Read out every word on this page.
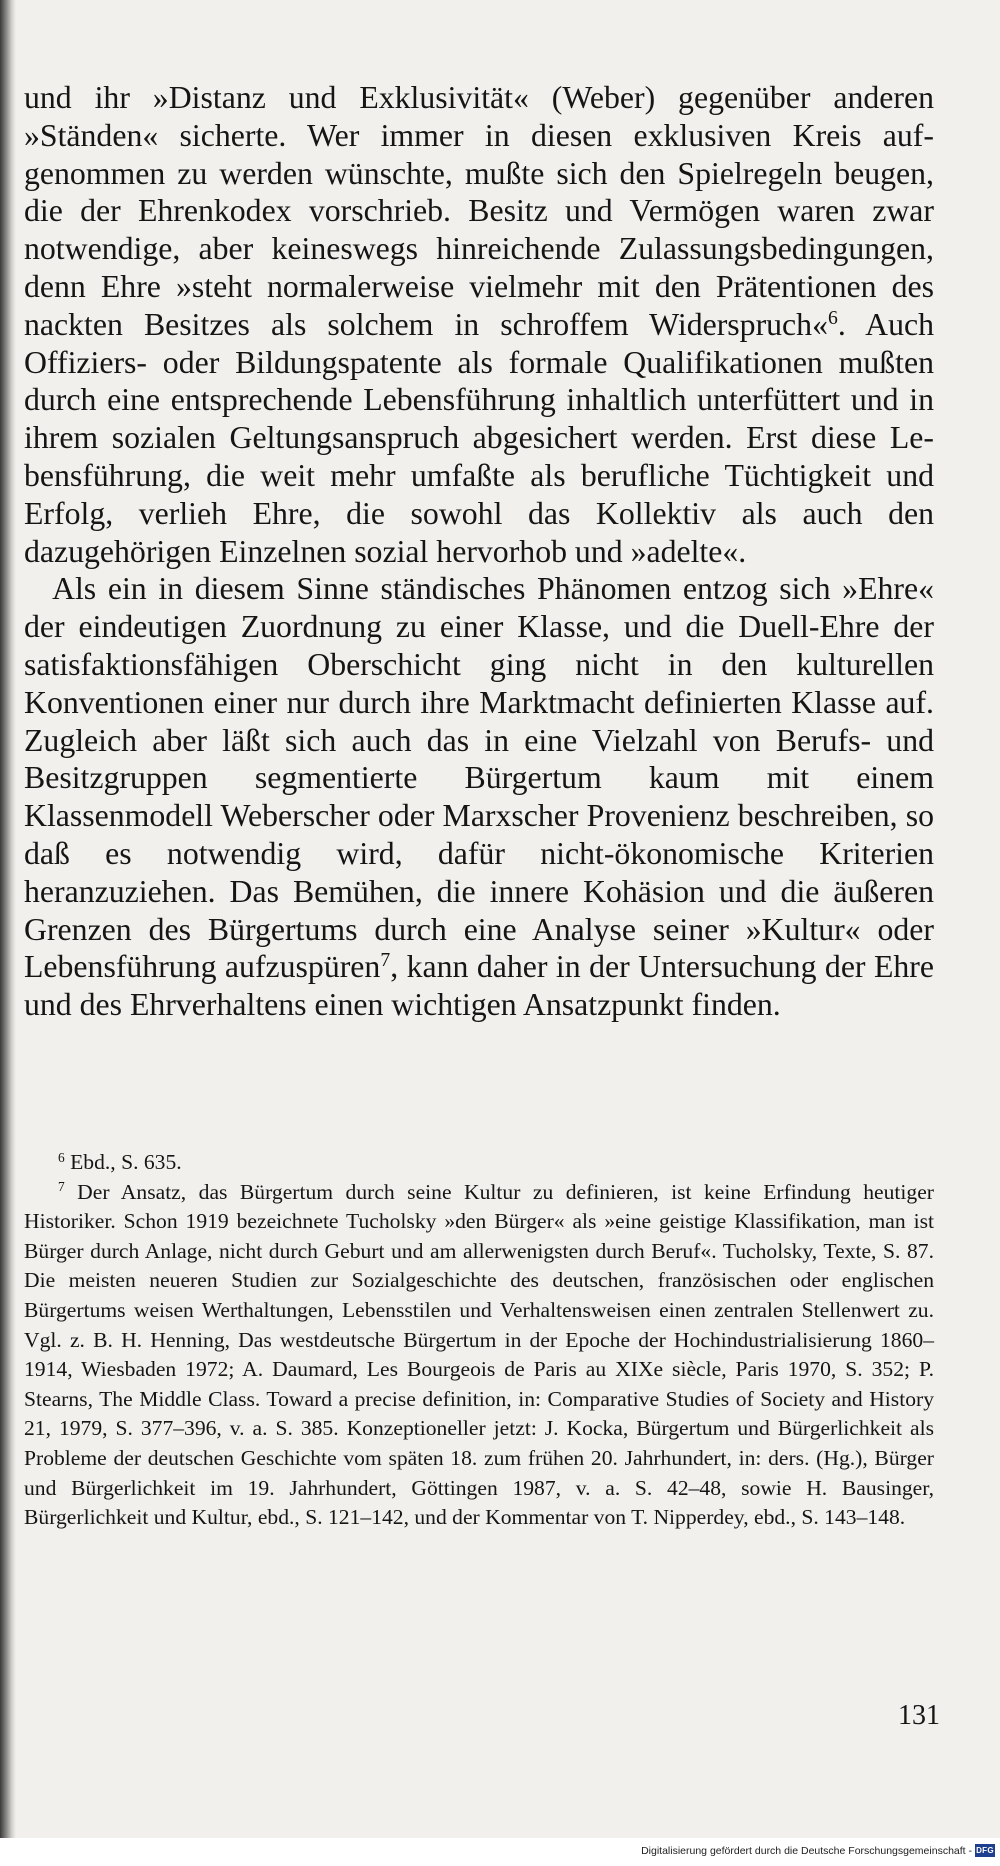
und ihr »Distanz und Exklusivität« (Weber) gegenüber anderen »Ständen« sicherte. Wer immer in diesen exklusiven Kreis aufgenommen zu werden wünschte, mußte sich den Spielregeln beugen, die der Ehrenkodex vorschrieb. Besitz und Vermögen waren zwar notwendige, aber keineswegs hinreichende Zulassungsbedingungen, denn Ehre »steht normalerweise vielmehr mit den Prätentionen des nackten Besitzes als solchem in schroffem Widerspruch«$^6$. Auch Offiziers- oder Bildungspatente als formale Qualifikationen mußten durch eine entsprechende Lebensführung inhaltlich unterfüttert und in ihrem sozialen Geltungsanspruch abgesichert werden. Erst diese Lebensführung, die weit mehr umfaßte als berufliche Tüchtigkeit und Erfolg, verlieh Ehre, die sowohl das Kollektiv als auch den dazugehörigen Einzelnen sozial hervorhob und »adelte«.

Als ein in diesem Sinne ständisches Phänomen entzog sich »Ehre« der eindeutigen Zuordnung zu einer Klasse, und die Duell-Ehre der satisfaktionsfähigen Oberschicht ging nicht in den kulturellen Konventionen einer nur durch ihre Marktmacht definierten Klasse auf. Zugleich aber läßt sich auch das in eine Vielzahl von Berufs- und Besitzgruppen segmentierte Bürgertum kaum mit einem Klassenmodell Weberscher oder Marxscher Provenienz beschreiben, so daß es notwendig wird, dafür nicht-ökonomische Kriterien heranzuziehen. Das Bemühen, die innere Kohäsion und die äußeren Grenzen des Bürgertums durch eine Analyse seiner »Kultur« oder Lebensführung aufzuspüren$^7$, kann daher in der Untersuchung der Ehre und des Ehrverhaltens einen wichtigen Ansatzpunkt finden.

$^6$ Ebd., S. 635.

$^7$ Der Ansatz, das Bürgertum durch seine Kultur zu definieren, ist keine Erfindung heutiger Historiker. Schon 1919 bezeichnete Tucholsky »den Bürger« als »eine geistige Klassifikation, man ist Bürger durch Anlage, nicht durch Geburt und am allerwenigsten durch Beruf«. Tucholsky, Texte, S. 87. Die meisten neueren Studien zur Sozialgeschichte des deutschen, französischen oder englischen Bürgertums weisen Werthaltungen, Lebensstilen und Verhaltensweisen einen zentralen Stellenwert zu. Vgl. z. B. H. Henning, Das westdeutsche Bürgertum in der Epoche der Hochindustrialisierung 1860–1914, Wiesbaden 1972; A. Daumard, Les Bourgeois de Paris au XIXe siècle, Paris 1970, S. 352; P. Stearns, The Middle Class. Toward a precise definition, in: Comparative Studies of Society and History 21, 1979, S. 377–396, v. a. S. 385. Konzeptioneller jetzt: J. Kocka, Bürgertum und Bürgerlichkeit als Probleme der deutschen Geschichte vom späten 18. zum frühen 20. Jahrhundert, in: ders. (Hg.), Bürger und Bürgerlichkeit im 19. Jahrhundert, Göttingen 1987, v. a. S. 42–48, sowie H. Bausinger, Bürgerlichkeit und Kultur, ebd., S. 121–142, und der Kommentar von T. Nipperdey, ebd., S. 143–148.

131

Digitalisierung gefördert durch die Deutsche Forschungsgemeinschaft - DFG
